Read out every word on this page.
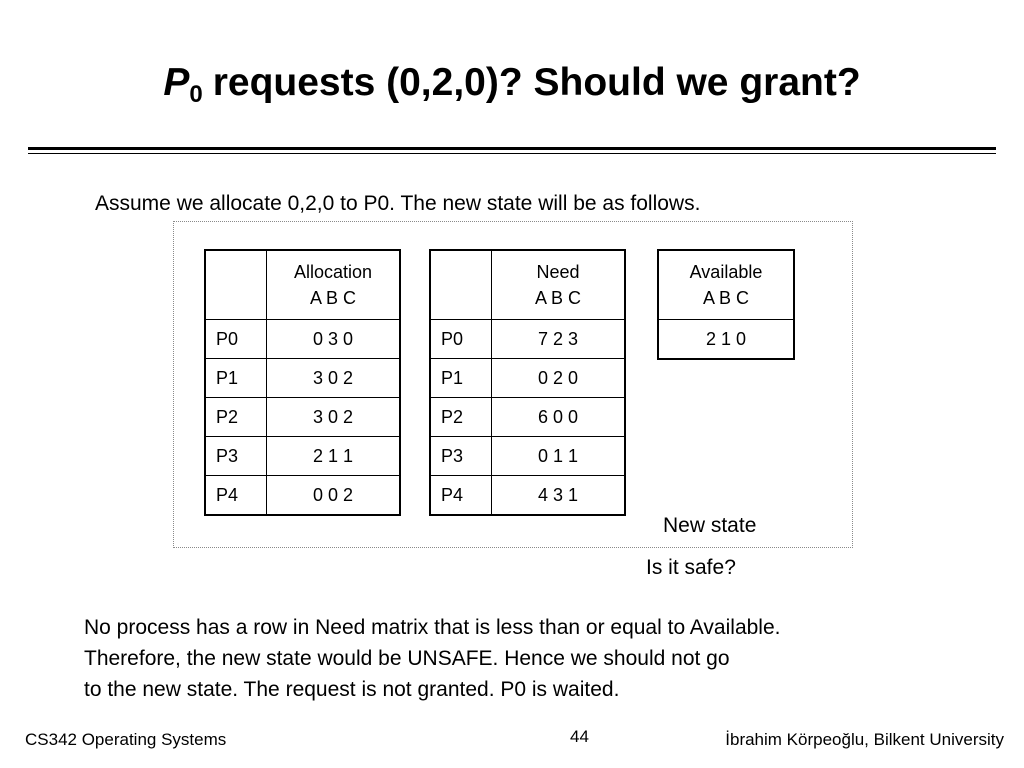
$P_0$ requests (0,2,0)? Should we grant?
Assume we allocate 0,2,0 to P0. The new state will be as follows.
	Allocation
A B C
P0	0 3 0
P1	3 0 2
P2	3 0 2
P3	2 1 1
P4	0 0 2
	Need
A B C
P0	7 2 3
P1	0 2 0
P2	6 0 0
P3	0 1 1
P4	4 3 1
Available
A B C
2 1 0
New state
Is it safe?
No process has a row in Need matrix that is less than or equal to Available.
Therefore, the new state would be UNSAFE. Hence we should not go
to the new state. The request is not granted. P0 is waited.
CS342 Operating Systems	44	İbrahim Körpeoğlu, Bilkent University
